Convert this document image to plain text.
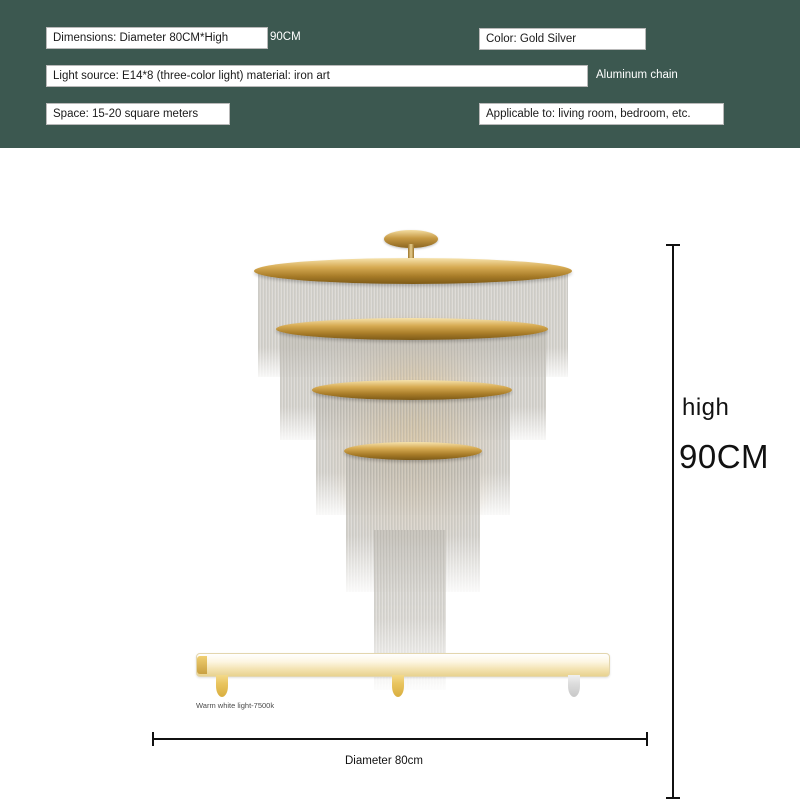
Dimensions: Diameter 80CM*High	90CM	Color: Gold Silver
Light source: E14*8 (three-color light) material: iron art	Aluminum chain
Space: 15-20 square meters	Applicable to: living room, bedroom, etc.
Warm white light-7500k
high
90CM
Diameter 80cm
